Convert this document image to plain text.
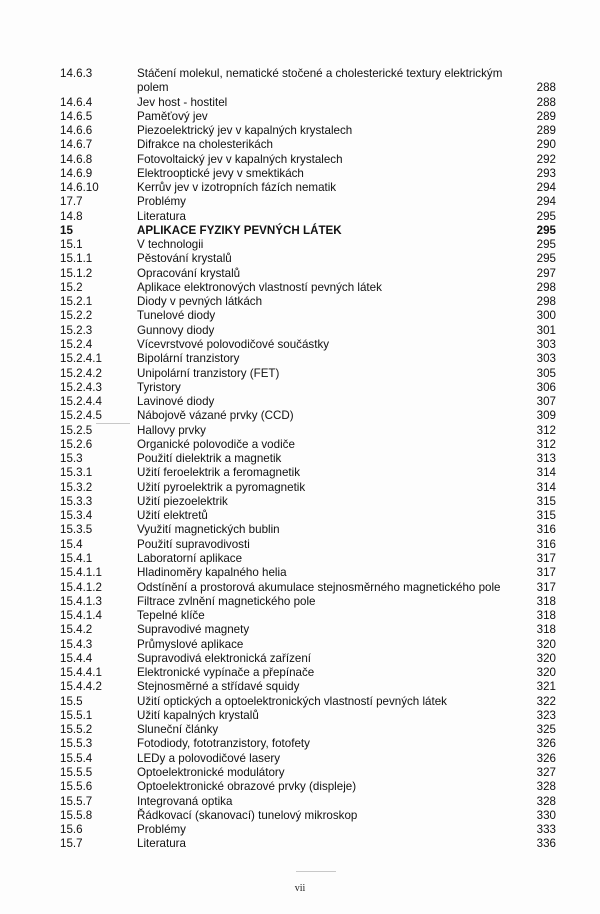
14.6.3	Stáčení molekul, nematické stočené a cholesterické textury elektrickým polem	288
14.6.4	Jev host - hostitel	288
14.6.5	Paměťový jev	289
14.6.6	Piezoelektrický jev v kapalných krystalech	289
14.6.7	Difrakce na cholesterikách	290
14.6.8	Fotovoltaický jev v kapalných krystalech	292
14.6.9	Elektrooptické jevy v smektikách	293
14.6.10	Kerrův jev v izotropních fázích nematik	294
17.7	Problémy	294
14.8	Literatura	295
15	APLIKACE FYZIKY PEVNÝCH LÁTEK	295
15.1	V technologii	295
15.1.1	Pěstování krystalů	295
15.1.2	Opracování krystalů	297
15.2	Aplikace elektronových vlastností pevných látek	298
15.2.1	Diody v pevných látkách	298
15.2.2	Tunelové diody	300
15.2.3	Gunnovy diody	301
15.2.4	Vícevrstvové polovodičové součástky	303
15.2.4.1	Bipolární tranzistory	303
15.2.4.2	Unipolární tranzistory (FET)	305
15.2.4.3	Tyristory	306
15.2.4.4	Lavinové diody	307
15.2.4.5	Nábojově vázané prvky (CCD)	309
15.2.5	Hallovy prvky	312
15.2.6	Organické polovodiče a vodiče	312
15.3	Použití dielektrik a magnetik	313
15.3.1	Užití feroelektrik a feromagnetik	314
15.3.2	Užití pyroelektrik a pyromagnetik	314
15.3.3	Užití piezoelektrik	315
15.3.4	Užití elektretů	315
15.3.5	Využití magnetických bublin	316
15.4	Použití supravodivosti	316
15.4.1	Laboratorní aplikace	317
15.4.1.1	Hladinoměry kapalného helia	317
15.4.1.2	Odstínění a prostorová akumulace stejnosměrného magnetického pole	317
15.4.1.3	Filtrace zvlnění magnetického pole	318
15.4.1.4	Tepelné klíče	318
15.4.2	Supravodivé magnety	318
15.4.3	Průmyslové aplikace	320
15.4.4	Supravodivá elektronická zařízení	320
15.4.4.1	Elektronické vypínače a přepínače	320
15.4.4.2	Stejnosměrné a střídavé squidy	321
15.5	Užití optických a optoelektronických vlastností pevných látek	322
15.5.1	Užití kapalných krystalů	323
15.5.2	Sluneční články	325
15.5.3	Fotodiody, fototranzistory, fotofety	326
15.5.4	LEDy a polovodičové lasery	326
15.5.5	Optoelektronické modulátory	327
15.5.6	Optoelektronické obrazové prvky (displeje)	328
15.5.7	Integrovaná optika	328
15.5.8	Řádkovací (skanovací) tunelový mikroskop	330
15.6	Problémy	333
15.7	Literatura	336
vii
